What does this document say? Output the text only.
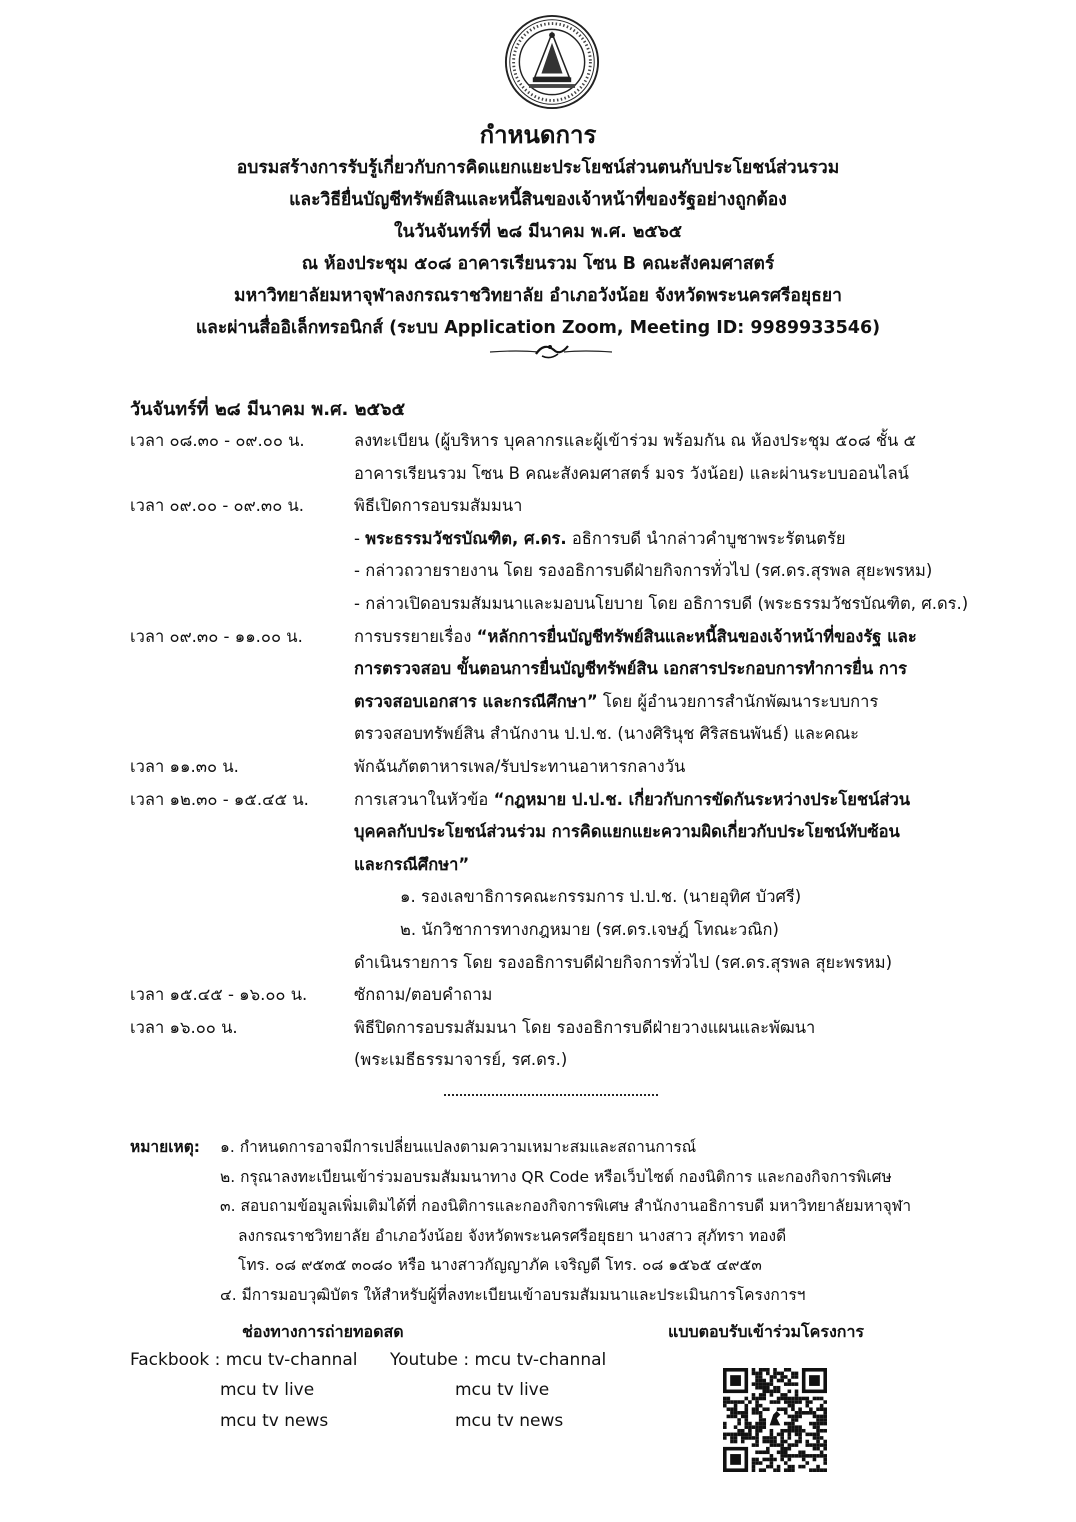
กำหนดการ
อบรมสร้างการรับรู้เกี่ยวกับการคิดแยกแยะประโยชน์ส่วนตนกับประโยชน์ส่วนรวม
และวิธียื่นบัญชีทรัพย์สินและหนี้สินของเจ้าหน้าที่ของรัฐอย่างถูกต้อง
ในวันจันทร์ที่ ๒๘ มีนาคม พ.ศ. ๒๕๖๕
ณ ห้องประชุม ๕๐๘ อาคารเรียนรวม โซน B คณะสังคมศาสตร์
มหาวิทยาลัยมหาจุฬาลงกรณราชวิทยาลัย อำเภอวังน้อย จังหวัดพระนครศรีอยุธยา
และผ่านสื่ออิเล็กทรอนิกส์ (ระบบ Application Zoom, Meeting ID: 9989933546)
วันจันทร์ที่ ๒๘ มีนาคม พ.ศ. ๒๕๖๕
เวลา ๐๘.๓๐ - ๐๙.๐๐ น.	ลงทะเบียน (ผู้บริหาร บุคลากรและผู้เข้าร่วม พร้อมกัน ณ ห้องประชุม ๕๐๘ ชั้น ๕
อาคารเรียนรวม โซน B คณะสังคมศาสตร์ มจร วังน้อย) และผ่านระบบออนไลน์
เวลา ๐๙.๐๐ - ๐๙.๓๐ น.	พิธีเปิดการอบรมสัมมนา
- พระธรรมวัชรบัณฑิต, ศ.ดร. อธิการบดี นำกล่าวคำบูชาพระรัตนตรัย
- กล่าวถวายรายงาน โดย รองอธิการบดีฝ่ายกิจการทั่วไป (รศ.ดร.สุรพล สุยะพรหม)
- กล่าวเปิดอบรมสัมมนาและมอบนโยบาย โดย อธิการบดี (พระธรรมวัชรบัณฑิต, ศ.ดร.)
เวลา ๐๙.๓๐ - ๑๑.๐๐ น.	การบรรยายเรื่อง “หลักการยื่นบัญชีทรัพย์สินและหนี้สินของเจ้าหน้าที่ของรัฐ และ
การตรวจสอบ ขั้นตอนการยื่นบัญชีทรัพย์สิน เอกสารประกอบการทำการยื่น การ
ตรวจสอบเอกสาร และกรณีศึกษา” โดย ผู้อำนวยการสำนักพัฒนาระบบการ
ตรวจสอบทรัพย์สิน สำนักงาน ป.ป.ช. (นางศิรินุช ศิริสธนพันธ์) และคณะ
เวลา ๑๑.๓๐ น.	พักฉันภัตตาหารเพล/รับประทานอาหารกลางวัน
เวลา ๑๒.๓๐ - ๑๕.๔๕ น.	การเสวนาในหัวข้อ “กฎหมาย ป.ป.ช. เกี่ยวกับการขัดกันระหว่างประโยชน์ส่วน
บุคคลกับประโยชน์ส่วนร่วม การคิดแยกแยะความผิดเกี่ยวกับประโยชน์ทับซ้อน
และกรณีศึกษา”
๑. รองเลขาธิการคณะกรรมการ ป.ป.ช. (นายอุทิศ บัวศรี)
๒. นักวิชาการทางกฎหมาย (รศ.ดร.เจษฎ์ โทณะวณิก)
ดำเนินรายการ โดย รองอธิการบดีฝ่ายกิจการทั่วไป (รศ.ดร.สุรพล สุยะพรหม)
เวลา ๑๕.๔๕ - ๑๖.๐๐ น.	ซักถาม/ตอบคำถาม
เวลา ๑๖.๐๐ น.	พิธีปิดการอบรมสัมมนา โดย รองอธิการบดีฝ่ายวางแผนและพัฒนา
(พระเมธีธรรมาจารย์, รศ.ดร.)
หมายเหตุ: ๑. กำหนดการอาจมีการเปลี่ยนแปลงตามความเหมาะสมและสถานการณ์
๒. กรุณาลงทะเบียนเข้าร่วมอบรมสัมมนาทาง QR Code หรือเว็บไซต์ กองนิติการ และกองกิจการพิเศษ
๓. สอบถามข้อมูลเพิ่มเติมได้ที่ กองนิติการและกองกิจการพิเศษ สำนักงานอธิการบดี มหาวิทยาลัยมหาจุฬา
ลงกรณราชวิทยาลัย อำเภอวังน้อย จังหวัดพระนครศรีอยุธยา นางสาว สุภัทรา ทองดี
โทร. ๐๘ ๙๕๓๕ ๓๐๘๐ หรือ นางสาวกัญญาภัค เจริญดี โทร. ๐๘ ๑๕๖๕ ๔๙๕๓
๔. มีการมอบวุฒิบัตร ให้สำหรับผู้ที่ลงทะเบียนเข้าอบรมสัมมนาและประเมินการโครงการฯ
ช่องทางการถ่ายทอดสด	แบบตอบรับเข้าร่วมโครงการ
Fackbook : mcu tv-channal Youtube : mcu tv-channal
mcu tv live	mcu tv live
mcu tv news	mcu tv news
